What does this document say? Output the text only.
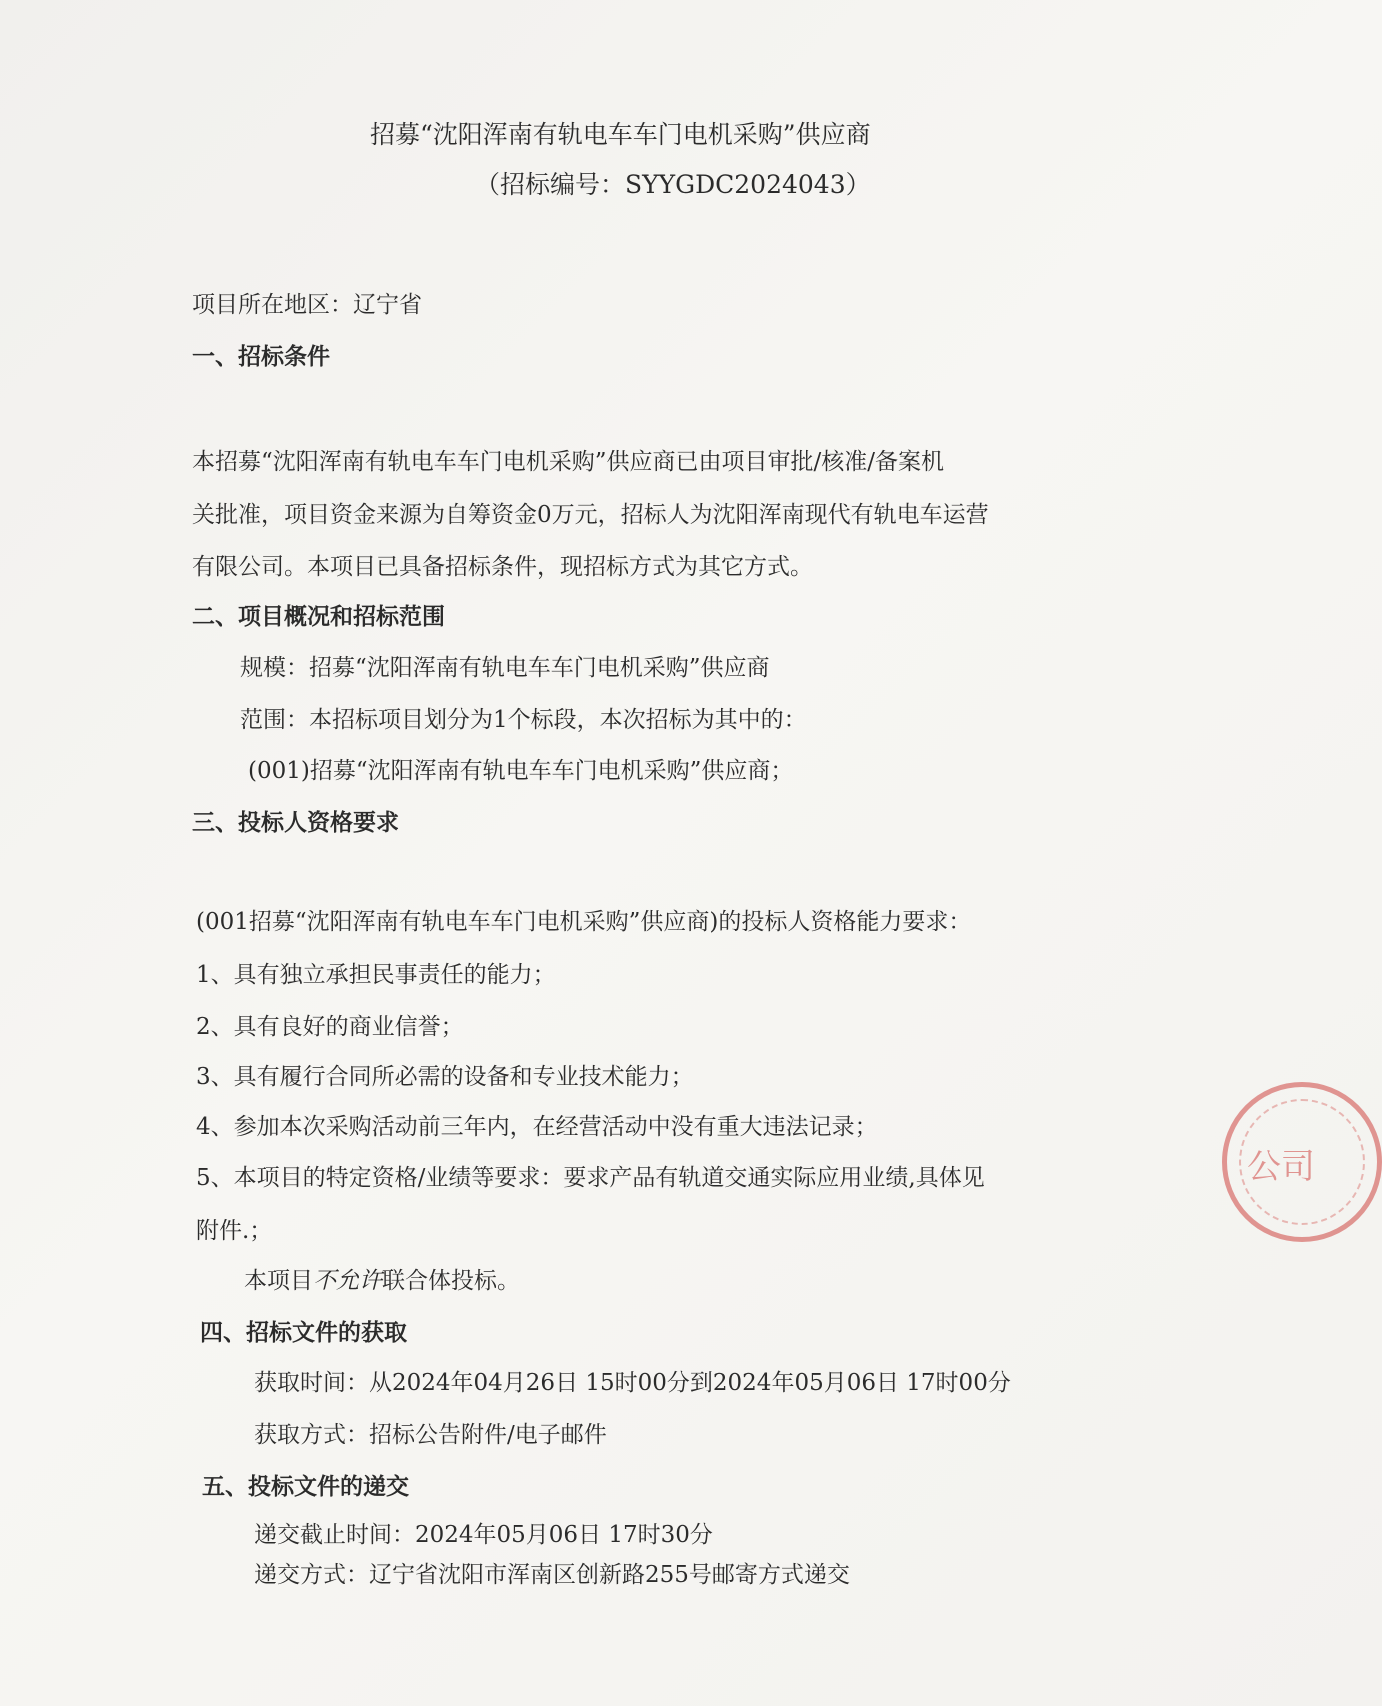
招募“沈阳浑南有轨电车车门电机采购”供应商
（招标编号：SYYGDC2024043）
项目所在地区：辽宁省
一、招标条件
本招募“沈阳浑南有轨电车车门电机采购”供应商已由项目审批/核准/备案机
关批准，项目资金来源为自筹资金0万元，招标人为沈阳浑南现代有轨电车运营
有限公司。本项目已具备招标条件，现招标方式为其它方式。
二、项目概况和招标范围
规模：招募“沈阳浑南有轨电车车门电机采购”供应商
范围：本招标项目划分为1个标段，本次招标为其中的：
(001)招募“沈阳浑南有轨电车车门电机采购”供应商；
三、投标人资格要求
(001招募“沈阳浑南有轨电车车门电机采购”供应商)的投标人资格能力要求：
1、具有独立承担民事责任的能力；
2、具有良好的商业信誉；
3、具有履行合同所必需的设备和专业技术能力；
4、参加本次采购活动前三年内，在经营活动中没有重大违法记录；
5、本项目的特定资格/业绩等要求：要求产品有轨道交通实际应用业绩,具体见
附件.；
本项目不允许联合体投标。
四、招标文件的获取
获取时间：从2024年04月26日 15时00分到2024年05月06日 17时00分
获取方式：招标公告附件/电子邮件
五、投标文件的递交
递交截止时间：2024年05月06日 17时30分
递交方式：辽宁省沈阳市浑南区创新路255号邮寄方式递交
公司
